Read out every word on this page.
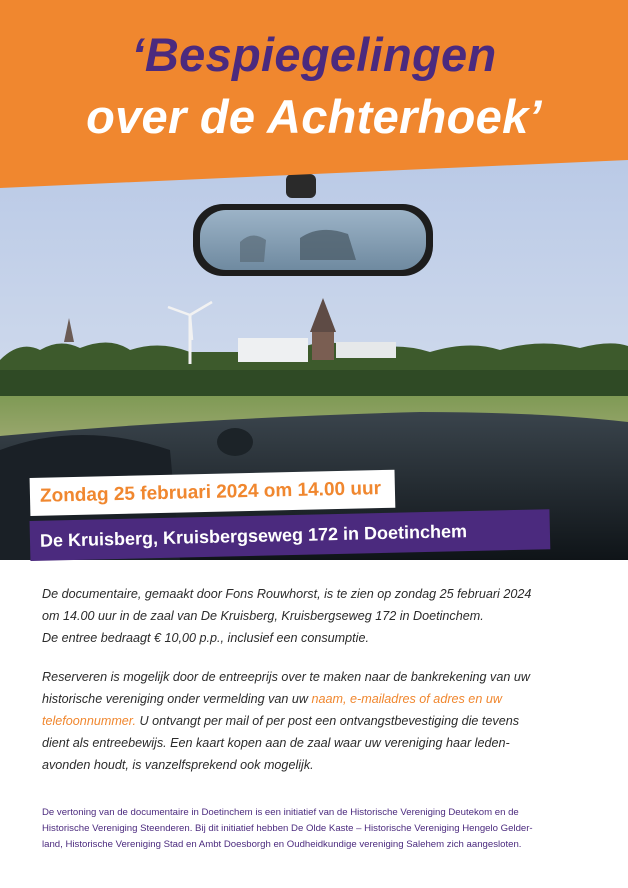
‘Bespiegelingen
over de Achterhoek’
Zondag 25 februari 2024 om 14.00 uur
De Kruisberg, Kruisbergseweg 172 in Doetinchem
De documentaire, gemaakt door Fons Rouwhorst, is te zien op zondag 25 februari 2024
om 14.00 uur in de zaal van De Kruisberg, Kruisbergseweg 172 in Doetinchem.
De entree bedraagt € 10,00 p.p., inclusief een consumptie.
Reserveren is mogelijk door de entreeprijs over te maken naar de bankrekening van uw
historische vereniging onder vermelding van uw naam, e-mailadres of adres en uw
telefoonnummer. U ontvangt per mail of per post een ontvangstbevestiging die tevens
dient als entreebewijs. Een kaart kopen aan de zaal waar uw vereniging haar leden-
avonden houdt, is vanzelfsprekend ook mogelijk.
De vertoning van de documentaire in Doetinchem is een initiatief van de Historische Vereniging Deutekom en de
Historische Vereniging Steenderen. Bij dit initiatief hebben De Olde Kaste – Historische Vereniging Hengelo Gelder-
land, Historische Vereniging Stad en Ambt Doesborgh en Oudheidkundige vereniging Salehem zich aangesloten.
